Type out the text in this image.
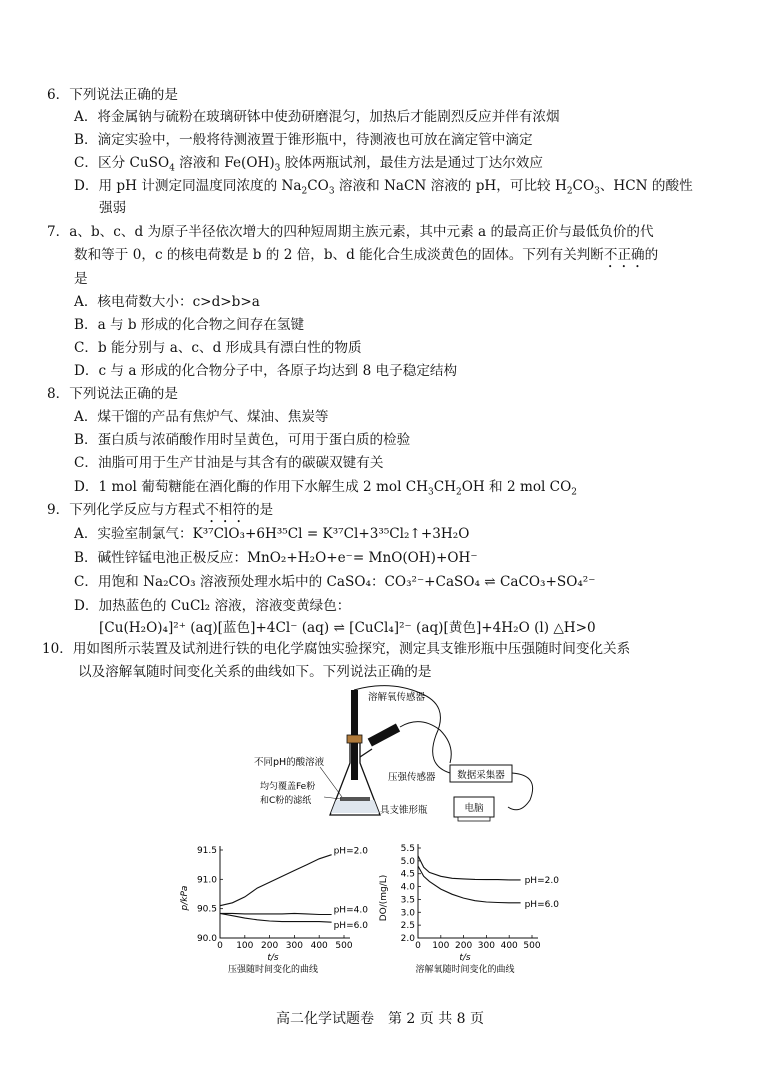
6．下列说法正确的是
A．将金属钠与硫粉在玻璃研钵中使劲研磨混匀，加热后才能剧烈反应并伴有浓烟
B．滴定实验中，一般将待测液置于锥形瓶中，待测液也可放在滴定管中滴定
C．区分 CuSO$_4$ 溶液和 $Fe(OH)_3$ 胶体两瓶试剂，最佳方法是通过丁达尔效应
D．用 pH 计测定同温度同浓度的 $Na_2CO_3$ 溶液和 NaCN 溶液的 pH，可比较 $H_2CO_3$、HCN 的酸性
强弱
7．a、b、c、d 为原子半径依次增大的四种短周期主族元素，其中元素 a 的最高正价与最低负价的代
数和等于 0，c 的核电荷数是 b 的 2 倍，b、d 能化合生成淡黄色的固体。下列有关判断不正确的
是
A．核电荷数大小：c>d>b>a
B．a 与 b 形成的化合物之间存在氢键
C．b 能分别与 a、c、d 形成具有漂白性的物质
D．c 与 a 形成的化合物分子中，各原子均达到 8 电子稳定结构
8．下列说法正确的是
A．煤干馏的产品有焦炉气、煤油、焦炭等
B．蛋白质与浓硝酸作用时呈黄色，可用于蛋白质的检验
C．油脂可用于生产甘油是与其含有的碳碳双键有关
D．1 mol 葡萄糖能在酒化酶的作用下水解生成 2 mol $CH_3CH_2OH$ 和 2 mol $CO_2$
9．下列化学反应与方程式不相符的是
A．实验室制氯气：K³⁷ClO₃+6H³⁵Cl = K³⁷Cl+3³⁵Cl₂↑+3H₂O
B．碱性锌锰电池正极反应：MnO₂+H₂O+e⁻= MnO(OH)+OH⁻
C．用饱和 Na₂CO₃ 溶液预处理水垢中的 CaSO₄：CO₃²⁻+CaSO₄ ⇌ CaCO₃+SO₄²⁻
D．加热蓝色的 CuCl₂ 溶液，溶液变黄绿色：
[Cu(H₂O)₄]²⁺ (aq)[蓝色]+4Cl⁻ (aq) ⇌ [CuCl₄]²⁻ (aq)[黄色]+4H₂O (l) △H>0
10．用如图所示装置及试剂进行铁的电化学腐蚀实验探究，测定具支锥形瓶中压强随时间变化关系
以及溶解氧随时间变化关系的曲线如下。下列说法正确的是
数据采集器
电脑
溶解氧传感器
不同pH的酸溶液
压强传感器
均匀覆盖Fe粉
和C粉的滤纸
具支锥形瓶
p/kPa
t/s
压强随时间变化的曲线
0 100 200 300 400 500
90.0
90.5
91.0
91.5	pH=2.0
pH=4.0
pH=6.0
DO/(mg/L)
t/s
溶解氧随时间变化的曲线
0 100 200 300 400 500
2.0
2.5
3.0
3.5
4.0
4.5
5.0
5.5
pH=2.0
pH=6.0
高二化学试题卷　第 2 页 共 8 页
